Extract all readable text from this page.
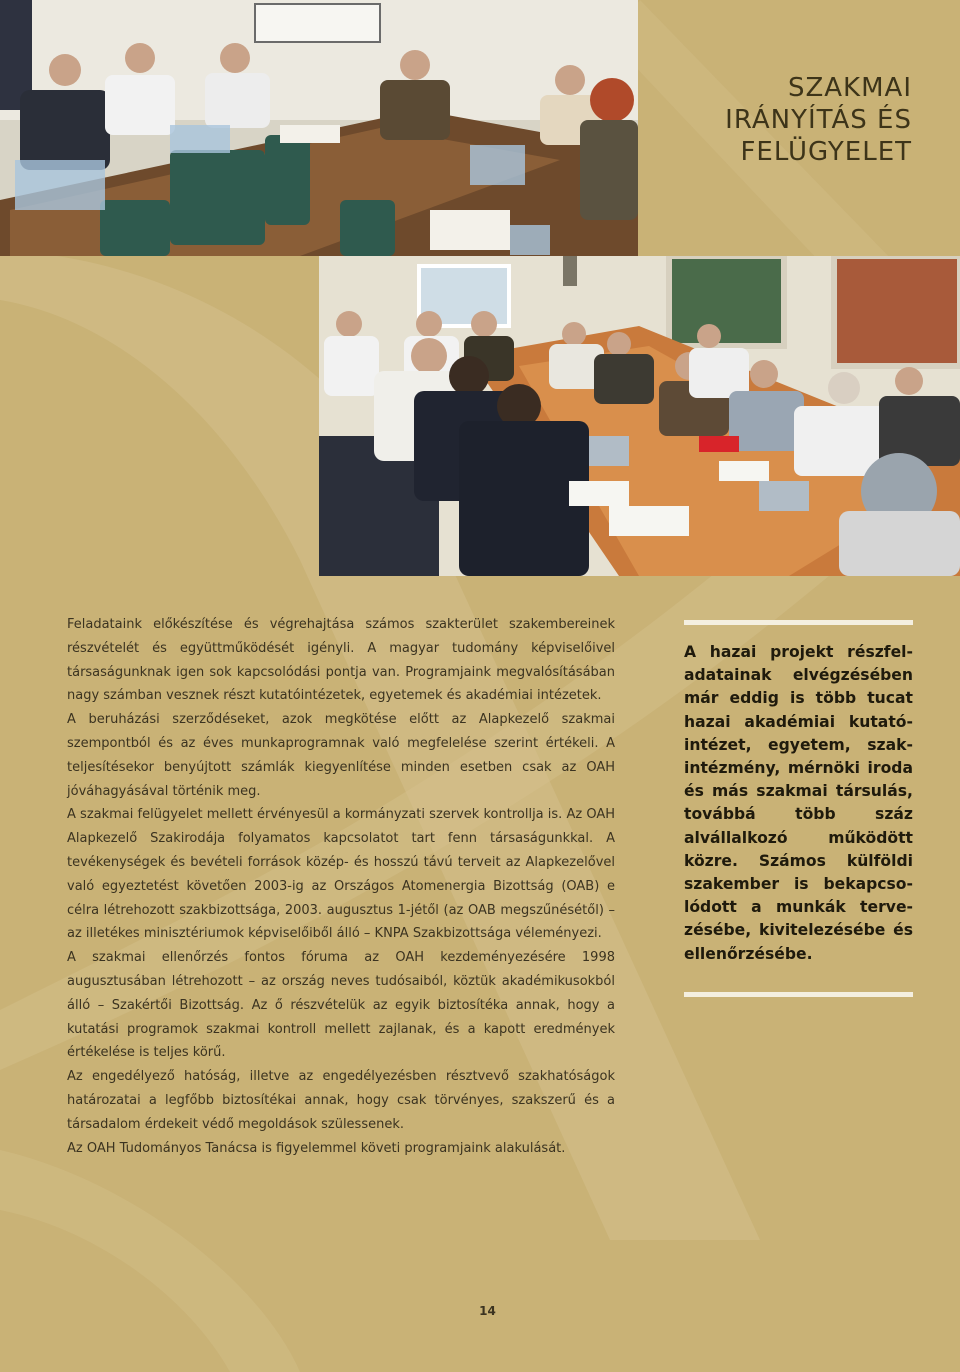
SZAKMAI
IRÁNYÍTÁS ÉS
FELÜGYELET

Feladataink előkészítése és végrehajtása számos szakterület szakembereinek részvételét és együttműködését igényli. A magyar tudomány képviselőivel társaságunknak igen sok kapcsolódási pontja van. Programjaink megvalósításában nagy számban vesznek részt kutatóintézetek, egyetemek és akadémiai intézetek.

A beruházási szerződéseket, azok megkötése előtt az Alapkezelő szakmai szempontból és az éves munkaprogramnak való megfelelése szerint értékeli. A teljesítésekor benyújtott számlák kiegyenlítése minden esetben csak az OAH jóváhagyásával történik meg.

A szakmai felügyelet mellett érvényesül a kormányzati szervek kontrollja is. Az OAH Alapkezelő Szakirodája folyamatos kapcsolatot tart fenn társaságunkkal. A tevékenységek és bevételi források közép- és hosszú távú terveit az Alapkezelővel való egyeztetést követően 2003-ig az Országos Atomenergia Bizottság (OAB) e célra létrehozott szakbizottsága, 2003. augusztus 1-jétől (az OAB megszűnésétől) – az illetékes minisztériumok képviselőiből álló – KNPA Szakbizottsága véleményezi.

A szakmai ellenőrzés fontos fóruma az OAH kezdeményezésére 1998 augusztusában létrehozott – az ország neves tudósaiból, köztük akadémikusokból álló – Szakértői Bizottság. Az ő részvételük az egyik biztosítéka annak, hogy a kutatási programok szakmai kontroll mellett zajlanak, és a kapott eredmények értékelése is teljes körű.

Az engedélyező hatóság, illetve az engedélyezésben résztvevő szakhatóságok határozatai a legfőbb biztosítékai annak, hogy csak törvényes, szakszerű és a társadalom érdekeit védő megoldások szülessenek.

Az OAH Tudományos Tanácsa is figyelemmel követi programjaink alakulását.

A hazai projekt részfeladatainak elvégzésében már eddig is több tucat hazai akadémiai kutatóintézet, egyetem, szakintézmény, mérnöki iroda és más szakmai társulás, továbbá több száz alvállalkozó működött közre. Számos külföldi szakember is bekapcsolódott a munkák tervezésébe, kivitelezésébe és ellenőrzésébe.

14
